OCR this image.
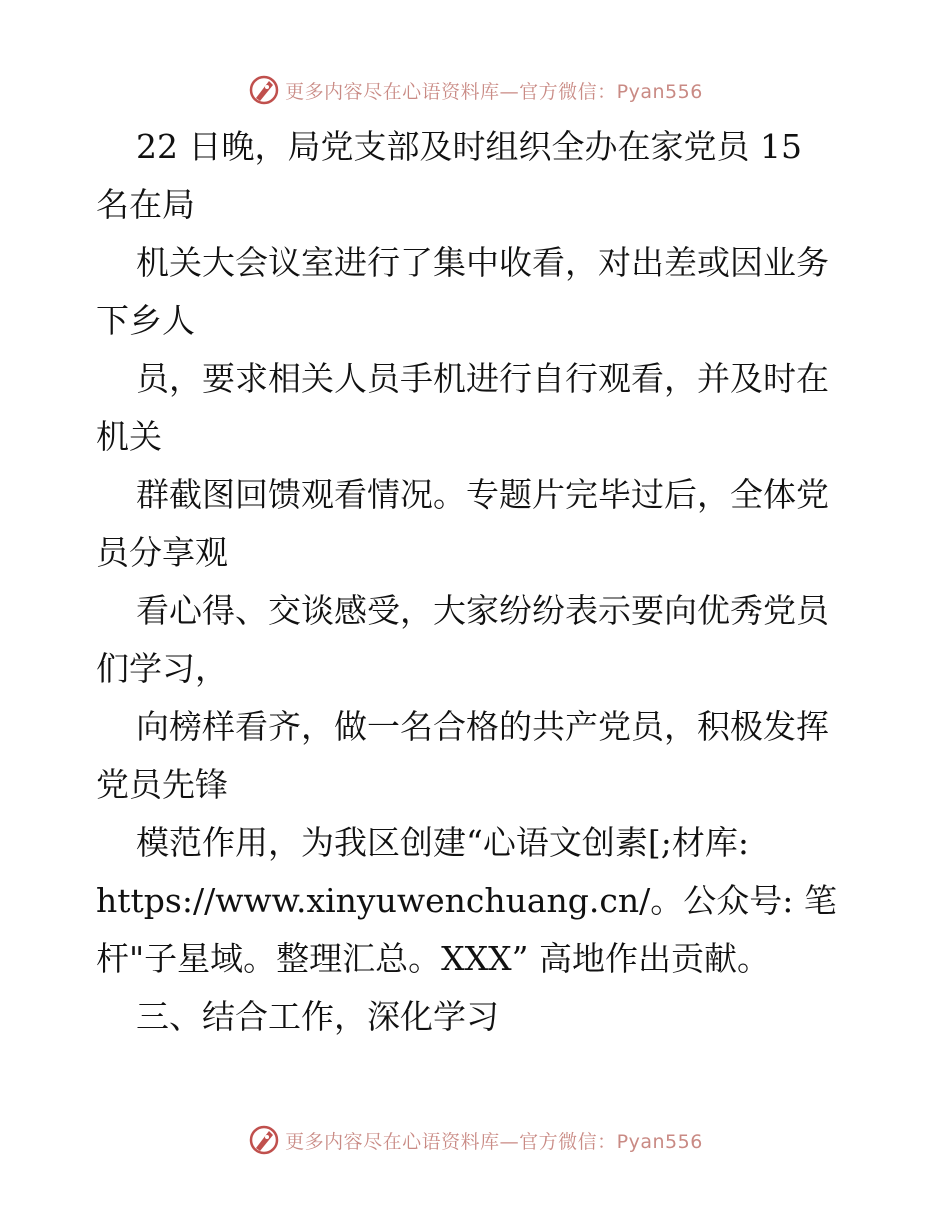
更多内容尽在心语资料库—官方微信：Pyan556
22 日晚，局党支部及时组织全办在家党员 15
名在局
机关大会议室进行了集中收看，对出差或因业务
下乡人
员，要求相关人员手机进行自行观看，并及时在
机关
群截图回馈观看情况。专题片完毕过后，全体党
员分享观
看心得、交谈感受，大家纷纷表示要向优秀党员
们学习，
向榜样看齐，做一名合格的共产党员，积极发挥
党员先锋
模范作用，为我区创建“心语文创素[;材库:
https://www.xinyuwenchuang.cn/。公众号: 笔
杆"子星域。整理汇总。XXX” 高地作出贡献。
三、结合工作，深化学习
更多内容尽在心语资料库—官方微信：Pyan556
